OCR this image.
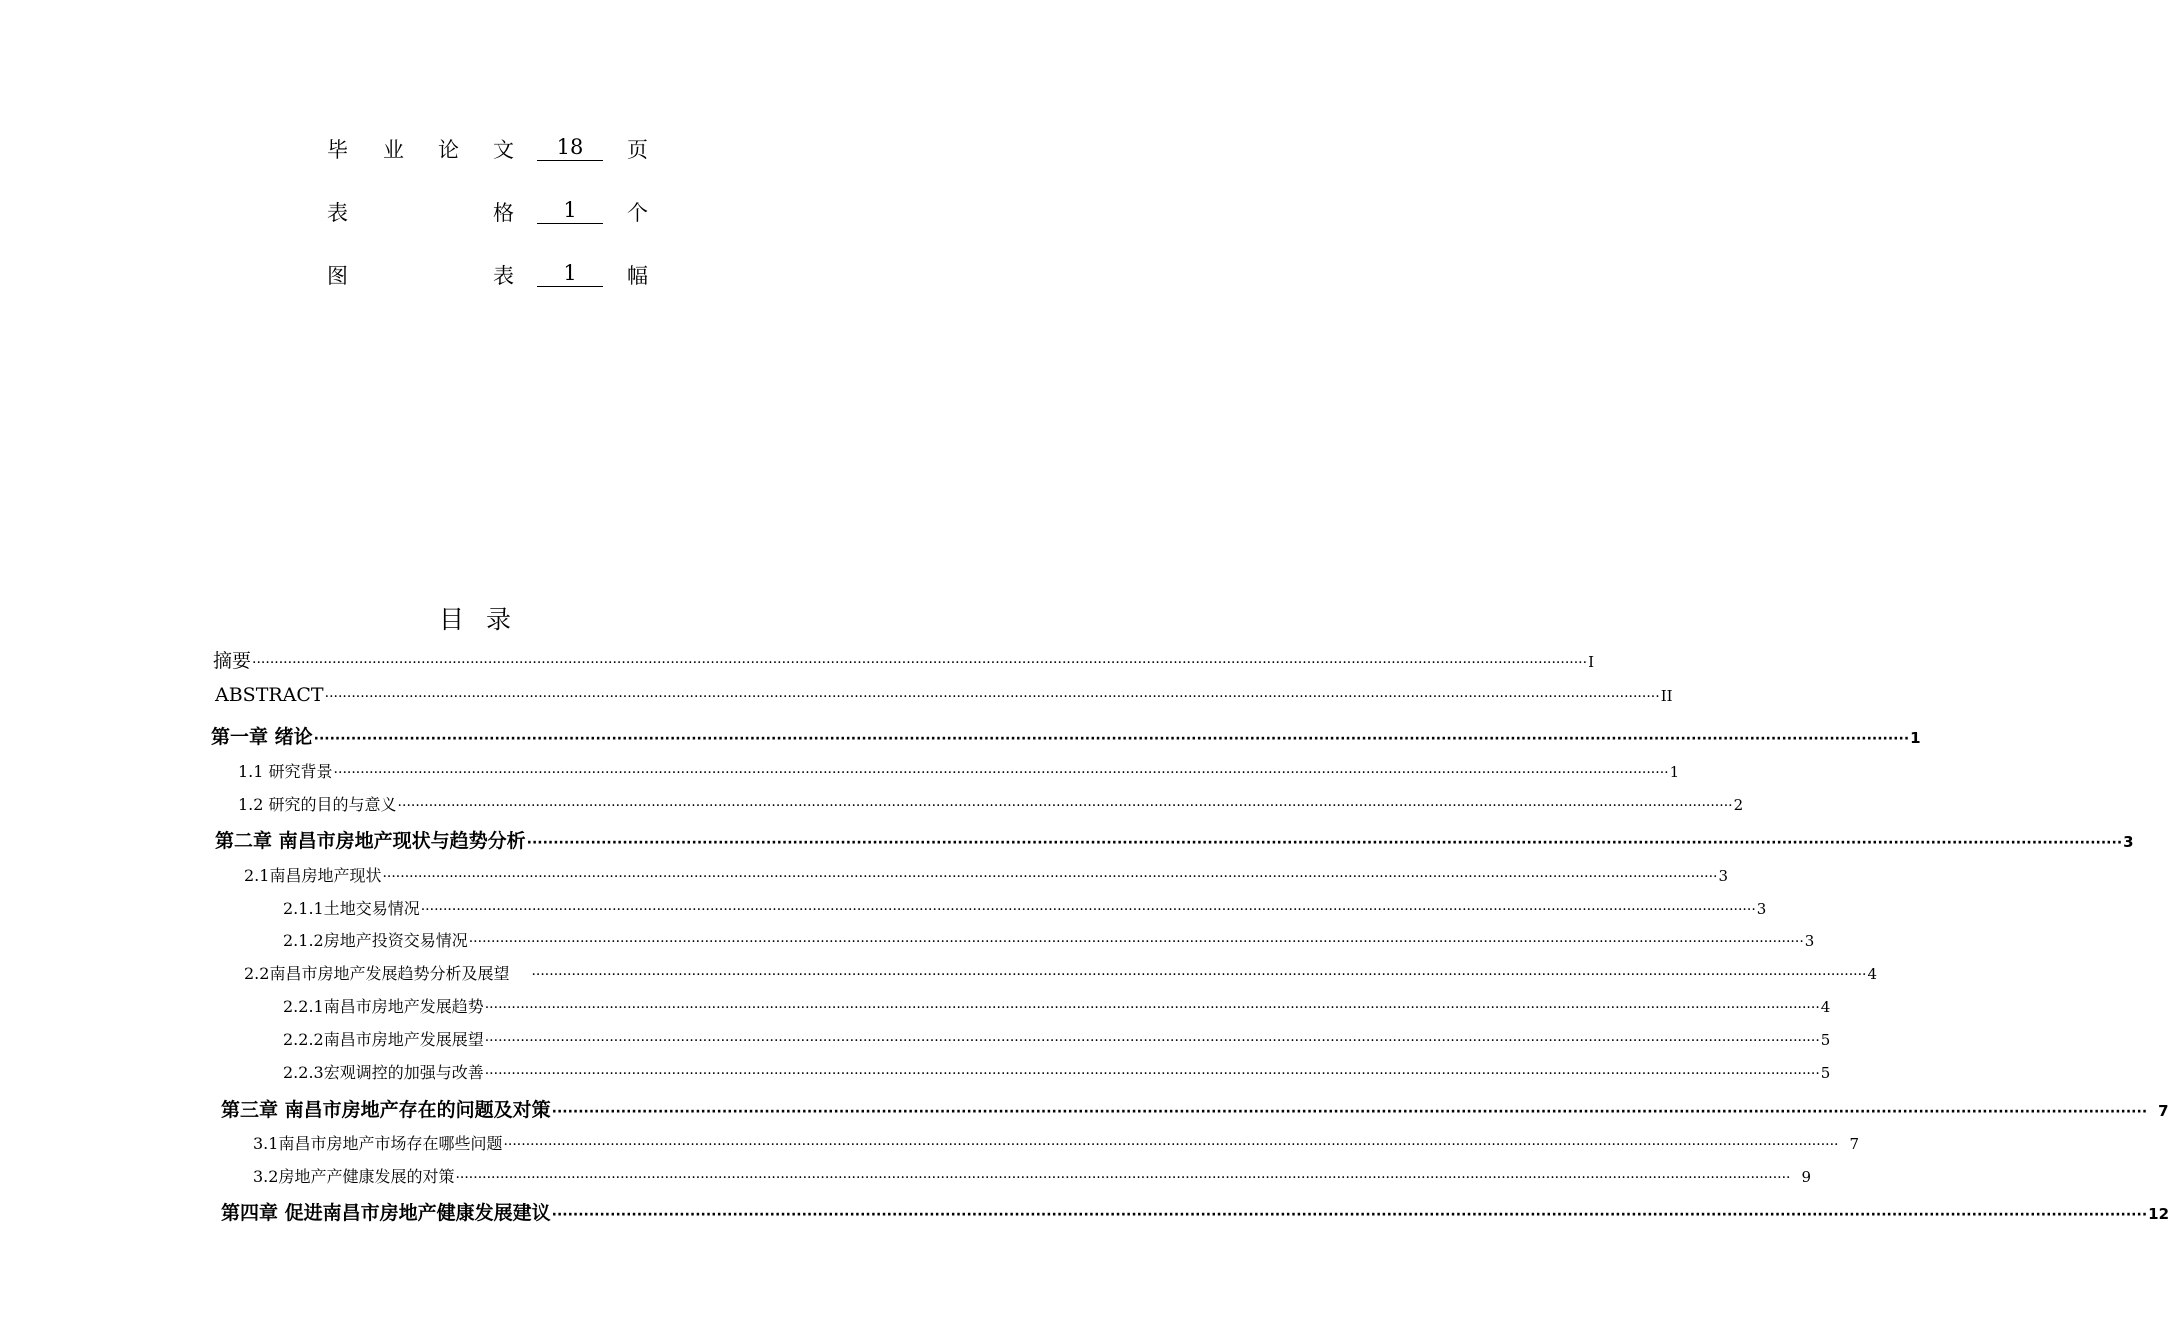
毕 业 论 文	18	页
表	格	1	个
图	表	1	幅
目录
摘要 ············································································································································································································································································································ I
ABSTRACT ············································································································································································································································································································ II
第一章 绪论 ············································································································································································································································································································ 1
1.1 研究背景 ············································································································································································································································································································ 1
1.2 研究的目的与意义 ············································································································································································································································································································ 2
第二章 南昌市房地产现状与趋势分析 ············································································································································································································································································································ 3
2.1南昌房地产现状 ············································································································································································································································································································ 3
2.1.1土地交易情况 ············································································································································································································································································································ 3
2.1.2房地产投资交易情况 ············································································································································································································································································································ 3
2.2南昌市房地产发展趋势分析及展望 ············································································································································································································································································································ 4
2.2.1南昌市房地产发展趋势 ············································································································································································································································································································ 4
2.2.2南昌市房地产发展展望 ············································································································································································································································································································ 5
2.2.3宏观调控的加强与改善 ············································································································································································································································································································ 5
第三章 南昌市房地产存在的问题及对策 ············································································································································································································································································································ 7
3.1南昌市房地产市场存在哪些问题 ············································································································································································································································································································ 7
3.2房地产产健康发展的对策 ············································································································································································································································································································ 9
第四章 促进南昌市房地产健康发展建议 ············································································································································································································································································································ 12
